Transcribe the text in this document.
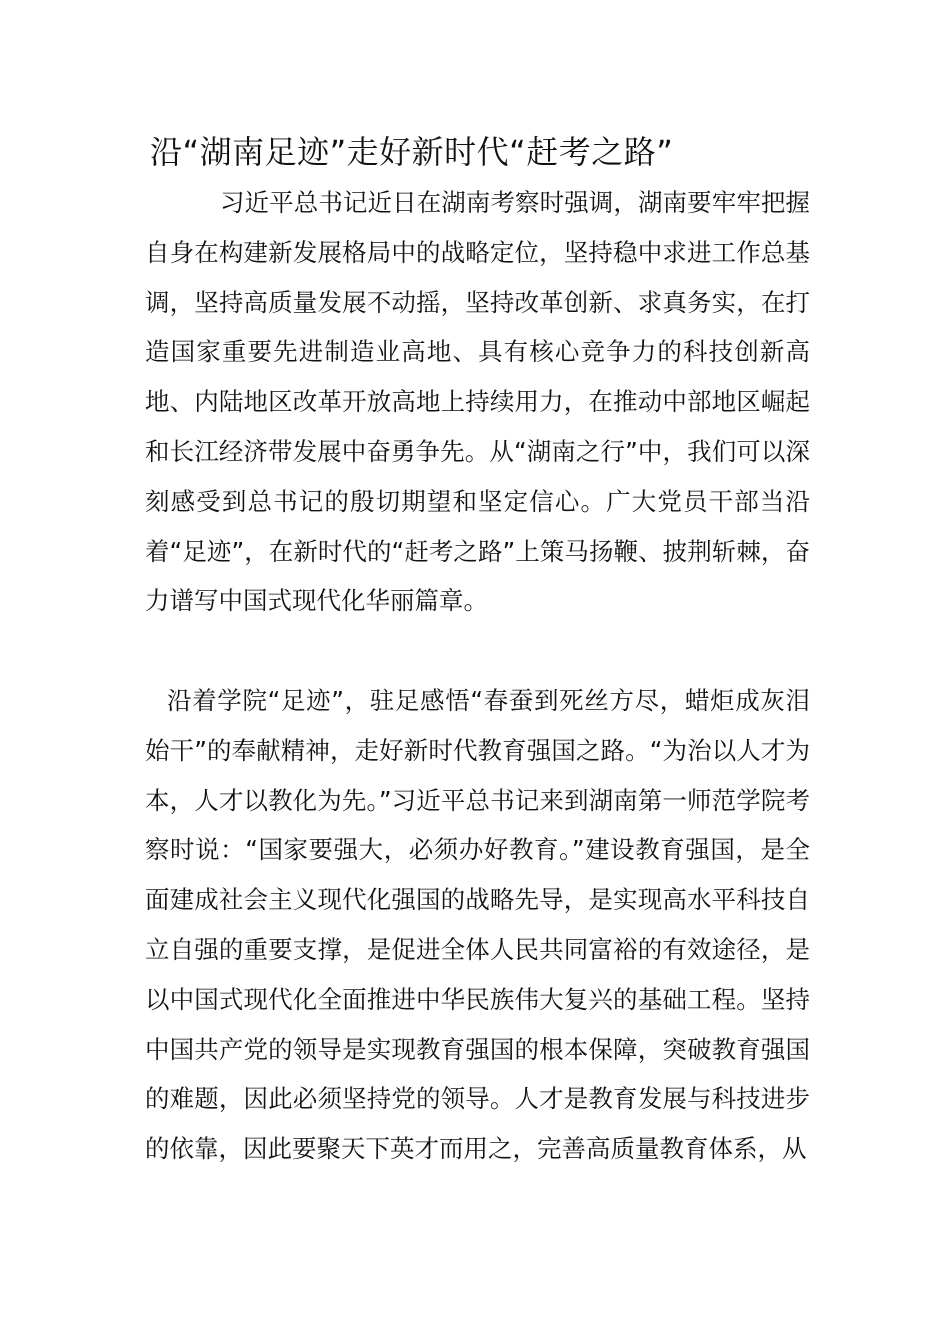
沿“湖南足迹”走好新时代“赶考之路”

习近平总书记近日在湖南考察时强调，湖南要牢牢把握自身在构建新发展格局中的战略定位，坚持稳中求进工作总基调，坚持高质量发展不动摇，坚持改革创新、求真务实，在打造国家重要先进制造业高地、具有核心竞争力的科技创新高地、内陆地区改革开放高地上持续用力，在推动中部地区崛起和长江经济带发展中奋勇争先。从“湖南之行”中，我们可以深刻感受到总书记的殷切期望和坚定信心。广大党员干部当沿着“足迹”，在新时代的“赶考之路”上策马扬鞭、披荆斩棘，奋力谱写中国式现代化华丽篇章。

沿着学院“足迹”，驻足感悟“春蚕到死丝方尽，蜡炬成灰泪始干”的奉献精神，走好新时代教育强国之路。“为治以人才为本，人才以教化为先。”习近平总书记来到湖南第一师范学院考察时说：“国家要强大，必须办好教育。”建设教育强国，是全面建成社会主义现代化强国的战略先导，是实现高水平科技自立自强的重要支撑，是促进全体人民共同富裕的有效途径，是以中国式现代化全面推进中华民族伟大复兴的基础工程。坚持中国共产党的领导是实现教育强国的根本保障，突破教育强国的难题，因此必须坚持党的领导。人才是教育发展与科技进步的依靠，因此要聚天下英才而用之，完善高质量教育体系，从
